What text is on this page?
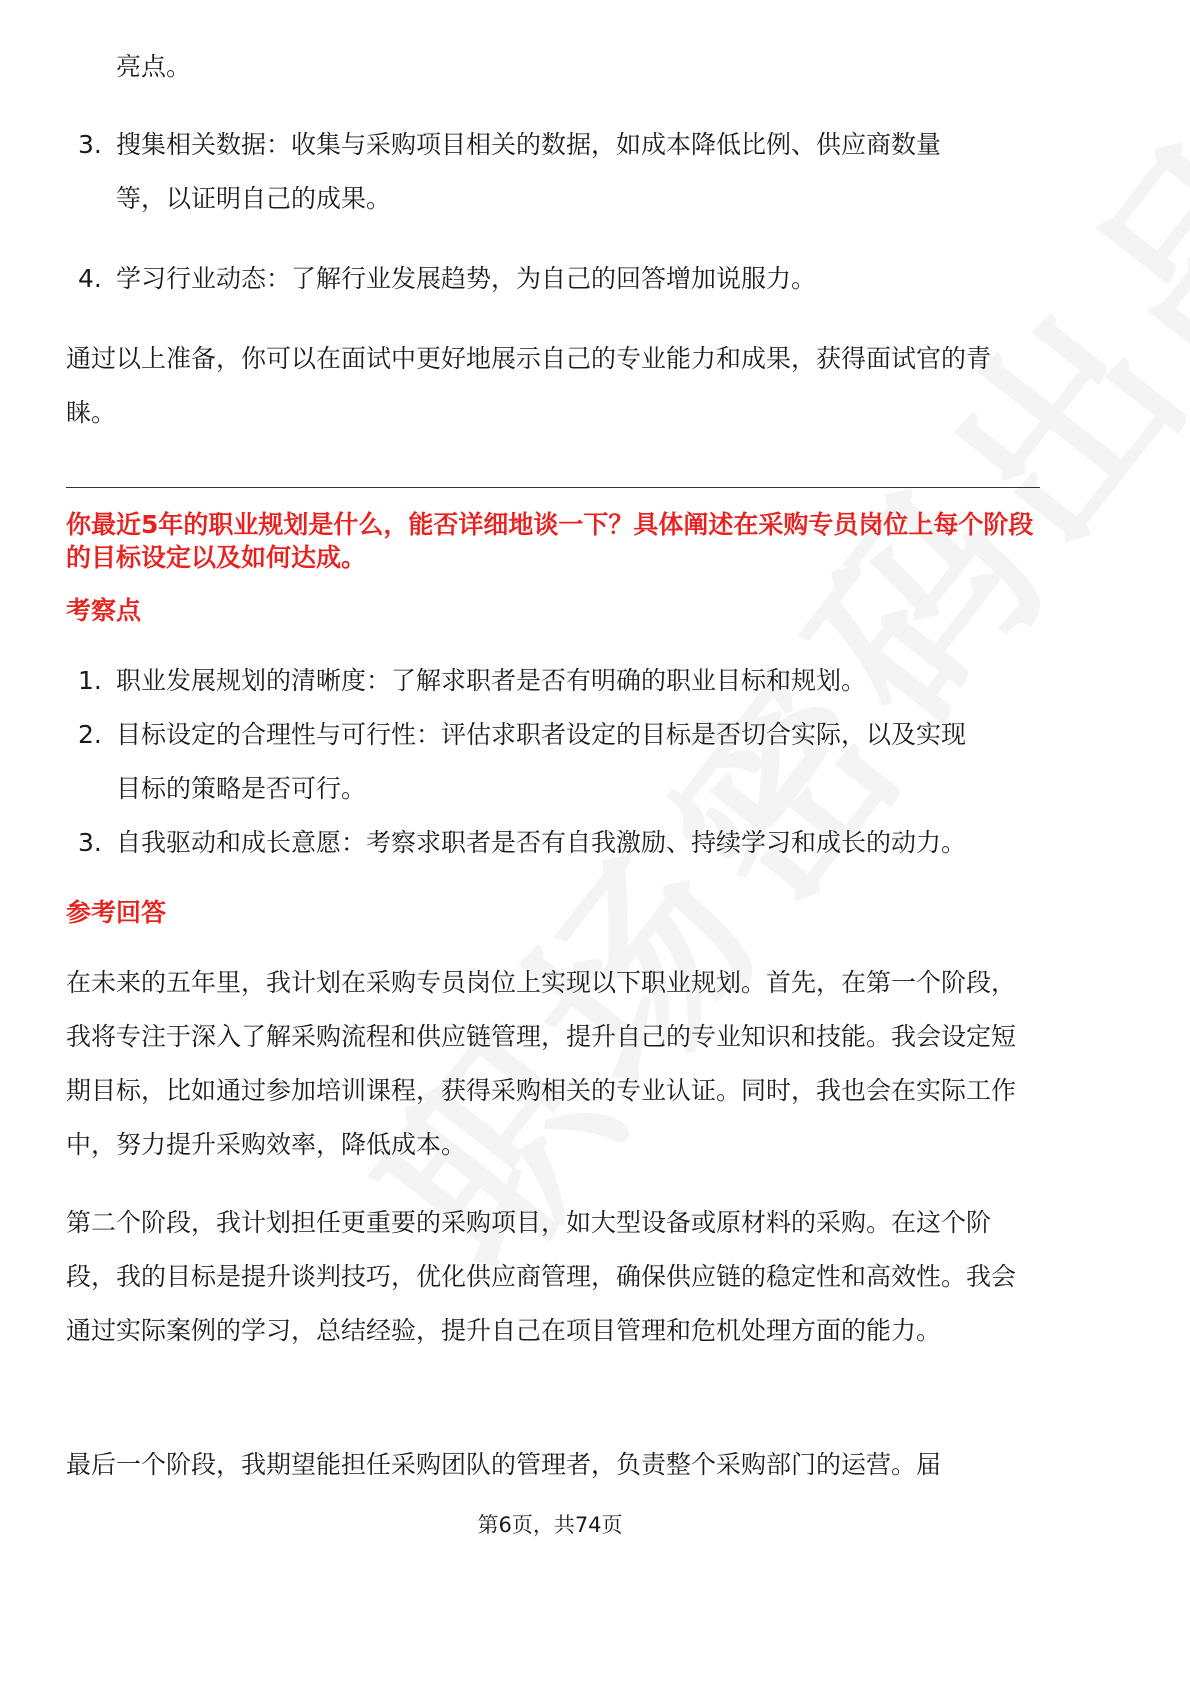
亮点。
3. 搜集相关数据：收集与采购项目相关的数据，如成本降低比例、供应商数量
等，以证明自己的成果。
4. 学习行业动态：了解行业发展趋势，为自己的回答增加说服力。
通过以上准备，你可以在面试中更好地展示自己的专业能力和成果，获得面试官的青睐。
你最近5年的职业规划是什么，能否详细地谈一下？具体阐述在采购专员岗位上每个阶段的目标设定以及如何达成。
考察点
1. 职业发展规划的清晰度：了解求职者是否有明确的职业目标和规划。
2. 目标设定的合理性与可行性：评估求职者设定的目标是否切合实际，以及实现
目标的策略是否可行。
3. 自我驱动和成长意愿：考察求职者是否有自我激励、持续学习和成长的动力。
参考回答
在未来的五年里，我计划在采购专员岗位上实现以下职业规划。首先，在第一个阶段，我将专注于深入了解采购流程和供应链管理，提升自己的专业知识和技能。我会设定短期目标，比如通过参加培训课程，获得采购相关的专业认证。同时，我也会在实际工作中，努力提升采购效率，降低成本。
第二个阶段，我计划担任更重要的采购项目，如大型设备或原材料的采购。在这个阶段，我的目标是提升谈判技巧，优化供应商管理，确保供应链的稳定性和高效性。我会通过实际案例的学习，总结经验，提升自己在项目管理和危机处理方面的能力。
最后一个阶段，我期望能担任采购团队的管理者，负责整个采购部门的运营。届
第6页，共74页
